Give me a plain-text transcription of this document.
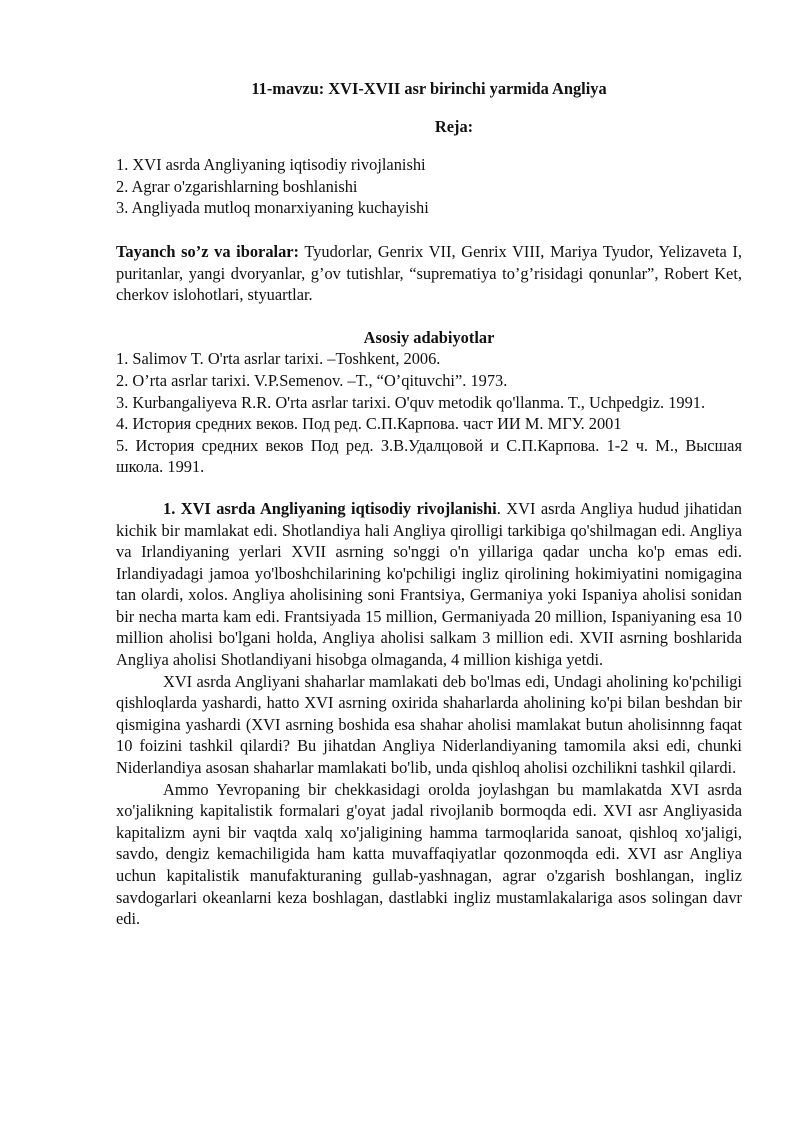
11-mavzu: XVI-XVII asr birinchi yarmida Angliya
Reja:
1. XVI asrda Angliyaning iqtisodiy rivojlanishi
2. Agrar o'zgarishlarning boshlanishi
3. Angliyada mutloq monarxiyaning kuchayishi
Tayanch so’z va iboralar: Tyudorlar, Genrix VII, Genrix VIII, Mariya Tyudor, Yelizaveta I, puritanlar, yangi dvoryanlar, g’ov tutishlar, “suprematiya to’g’risidagi qonunlar”, Robert Ket, cherkov islohotlari, styuartlar.
Asosiy adabiyotlar
1. Salimov T. O'rta asrlar tarixi. –Toshkent, 2006.
2. O’rta asrlar tarixi. V.P.Semenov. –T., “O’qituvchi”. 1973.
3. Kurbangaliyeva R.R. O'rta asrlar tarixi. O'quv metodik qo'llanma. T., Uchpedgiz. 1991.
4. История средних веков. Под ред. С.П.Карпова. част ИИ М. МГУ. 2001
5. История средних веков Под ред. З.В.Удалцовой и С.П.Карпова. 1-2 ч. М., Высшая школа. 1991.

1. XVI asrda Angliyaning iqtisodiy rivojlanishi. XVI asrda Angliya hudud jihatidan kichik bir mamlakat edi. Shotlandiya hali Angliya qirolligi tarkibiga qo'shilmagan edi. Angliya va Irlandiyaning yerlari XVII asrning so'nggi o'n yillariga qadar uncha ko'p emas edi. Irlandiyadagi jamoa yo'lboshchilarining ko'pchiligi ingliz qirolining hokimiyatini nomigagina tan olardi, xolos. Angliya aholisining soni Frantsiya, Germaniya yoki Ispaniya aholisi sonidan bir necha marta kam edi. Frantsiyada 15 million, Germaniyada 20 million, Ispaniyaning esa 10 million aholisi bo'lgani holda, Angliya aholisi salkam 3 million edi. XVII asrning boshlarida Angliya aholisi Shotlandiyani hisobga olmaganda, 4 million kishiga yetdi.

XVI asrda Angliyani shaharlar mamlakati deb bo'lmas edi, Undagi aholining ko'pchiligi qishloqlarda yashardi, hatto XVI asrning oxirida shaharlarda aholining ko'pi bilan beshdan bir qismigina yashardi (XVI asrning boshida esa shahar aholisi mamlakat butun aholisinnng faqat 10 foizini tashkil qilardi? Bu jihatdan Angliya Niderlandiyaning tamomila aksi edi, chunki Niderlandiya asosan shaharlar mamlakati bo'lib, unda qishloq aholisi ozchilikni tashkil qilardi.

Ammo Yevropaning bir chekkasidagi orolda joylashgan bu mamlakatda XVI asrda xo'jalikning kapitalistik formalari g'oyat jadal rivojlanib bormoqda edi. XVI asr Angliyasida kapitalizm ayni bir vaqtda xalq xo'jaligining hamma tarmoqlarida sanoat, qishloq xo'jaligi, savdo, dengiz kemachiligida ham katta muvaffaqiyatlar qozonmoqda edi. XVI asr Angliya uchun kapitalistik manufakturaning gullab-yashnagan, agrar o'zgarish boshlangan, ingliz savdogarlari okeanlarni keza boshlagan, dastlabki ingliz mustamlakalariga asos solingan davr edi.
